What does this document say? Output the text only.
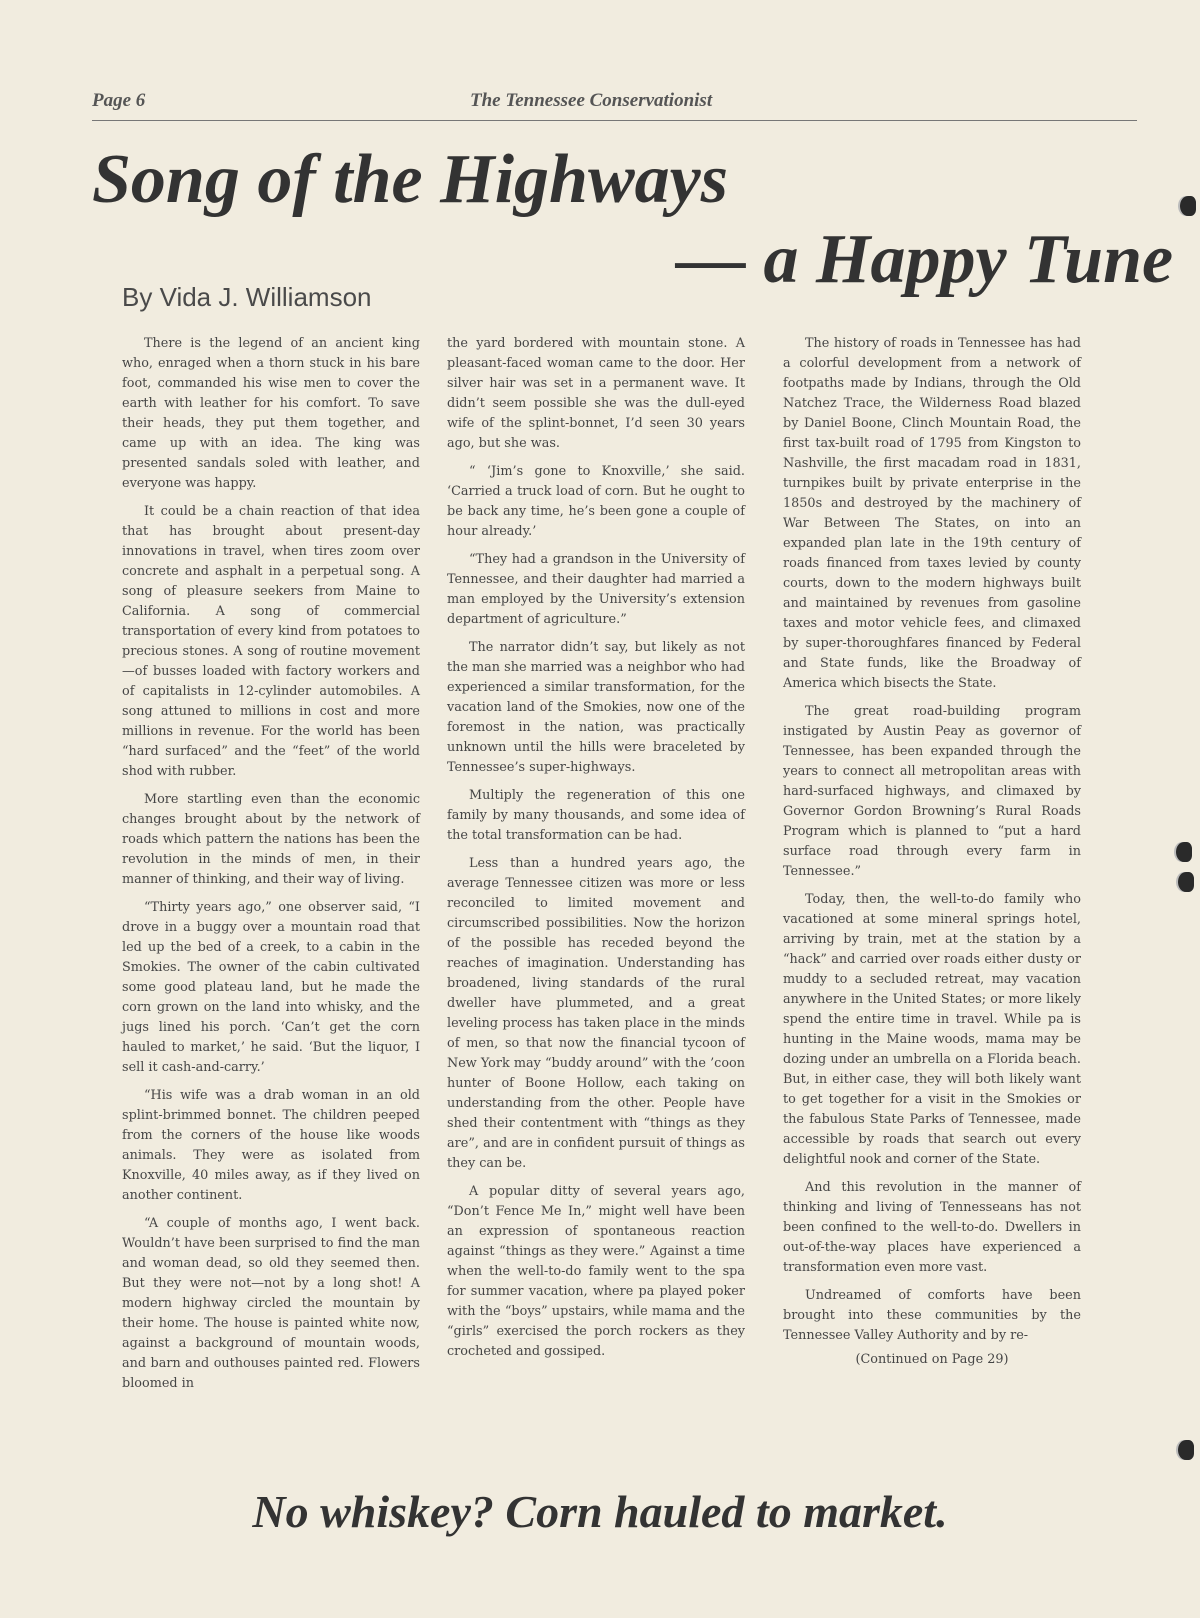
Page 6	The Tennessee Conservationist
Song of the Highways
— a Happy Tune
By Vida J. Williamson

There is the legend of an ancient king who, enraged when a thorn stuck in his bare foot, commanded his wise men to cover the earth with leather for his comfort. To save their heads, they put them together, and came up with an idea. The king was presented sandals soled with leather, and everyone was happy.

It could be a chain reaction of that idea that has brought about present-day innovations in travel, when tires zoom over concrete and asphalt in a perpetual song. A song of pleasure seekers from Maine to California. A song of commercial transportation of every kind from potatoes to precious stones. A song of routine movement—of busses loaded with factory workers and of capitalists in 12-cylinder automobiles. A song attuned to millions in cost and more millions in revenue. For the world has been “hard surfaced” and the “feet” of the world shod with rubber.

More startling even than the economic changes brought about by the network of roads which pattern the nations has been the revolution in the minds of men, in their manner of thinking, and their way of living.

“Thirty years ago,” one observer said, “I drove in a buggy over a mountain road that led up the bed of a creek, to a cabin in the Smokies. The owner of the cabin cultivated some good plateau land, but he made the corn grown on the land into whisky, and the jugs lined his porch. ‘Can’t get the corn hauled to market,’ he said. ‘But the liquor, I sell it cash-and-carry.’

“His wife was a drab woman in an old splint-brimmed bonnet. The children peeped from the corners of the house like woods animals. They were as isolated from Knoxville, 40 miles away, as if they lived on another continent.

“A couple of months ago, I went back. Wouldn’t have been surprised to find the man and woman dead, so old they seemed then. But they were not—not by a long shot! A modern highway circled the mountain by their home. The house is painted white now, against a background of mountain woods, and barn and outhouses painted red. Flowers bloomed in

the yard bordered with mountain stone. A pleasant-faced woman came to the door. Her silver hair was set in a permanent wave. It didn’t seem possible she was the dull-eyed wife of the splint-bonnet, I’d seen 30 years ago, but she was.

“ ‘Jim’s gone to Knoxville,’ she said. ‘Carried a truck load of corn. But he ought to be back any time, he’s been gone a couple of hour already.’

“They had a grandson in the University of Tennessee, and their daughter had married a man employed by the University’s extension department of agriculture.”

The narrator didn’t say, but likely as not the man she married was a neighbor who had experienced a similar transformation, for the vacation land of the Smokies, now one of the foremost in the nation, was practically unknown until the hills were braceleted by Tennessee’s super-highways.

Multiply the regeneration of this one family by many thousands, and some idea of the total transformation can be had.

Less than a hundred years ago, the average Tennessee citizen was more or less reconciled to limited movement and circumscribed possibilities. Now the horizon of the possible has receded beyond the reaches of imagination. Understanding has broadened, living standards of the rural dweller have plummeted, and a great leveling process has taken place in the minds of men, so that now the financial tycoon of New York may “buddy around” with the ’coon hunter of Boone Hollow, each taking on understanding from the other. People have shed their contentment with “things as they are”, and are in confident pursuit of things as they can be.

A popular ditty of several years ago, “Don’t Fence Me In,” might well have been an expression of spontaneous reaction against “things as they were.” Against a time when the well-to-do family went to the spa for summer vacation, where pa played poker with the “boys” upstairs, while mama and the “girls” exercised the porch rockers as they crocheted and gossiped.

The history of roads in Tennessee has had a colorful development from a network of footpaths made by Indians, through the Old Natchez Trace, the Wilderness Road blazed by Daniel Boone, Clinch Mountain Road, the first tax-built road of 1795 from Kingston to Nashville, the first macadam road in 1831, turnpikes built by private enterprise in the 1850s and destroyed by the machinery of War Between The States, on into an expanded plan late in the 19th century of roads financed from taxes levied by county courts, down to the modern highways built and maintained by revenues from gasoline taxes and motor vehicle fees, and climaxed by super-thoroughfares financed by Federal and State funds, like the Broadway of America which bisects the State.

The great road-building program instigated by Austin Peay as governor of Tennessee, has been expanded through the years to connect all metropolitan areas with hard-surfaced highways, and climaxed by Governor Gordon Browning’s Rural Roads Program which is planned to “put a hard surface road through every farm in Tennessee.”

Today, then, the well-to-do family who vacationed at some mineral springs hotel, arriving by train, met at the station by a “hack” and carried over roads either dusty or muddy to a secluded retreat, may vacation anywhere in the United States; or more likely spend the entire time in travel. While pa is hunting in the Maine woods, mama may be dozing under an umbrella on a Florida beach. But, in either case, they will both likely want to get together for a visit in the Smokies or the fabulous State Parks of Tennessee, made accessible by roads that search out every delightful nook and corner of the State.

And this revolution in the manner of thinking and living of Tennesseans has not been confined to the well-to-do. Dwellers in out-of-the-way places have experienced a transformation even more vast.

Undreamed of comforts have been brought into these communities by the Tennessee Valley Authority and by re-

(Continued on Page 29)

No whiskey? Corn hauled to market.
